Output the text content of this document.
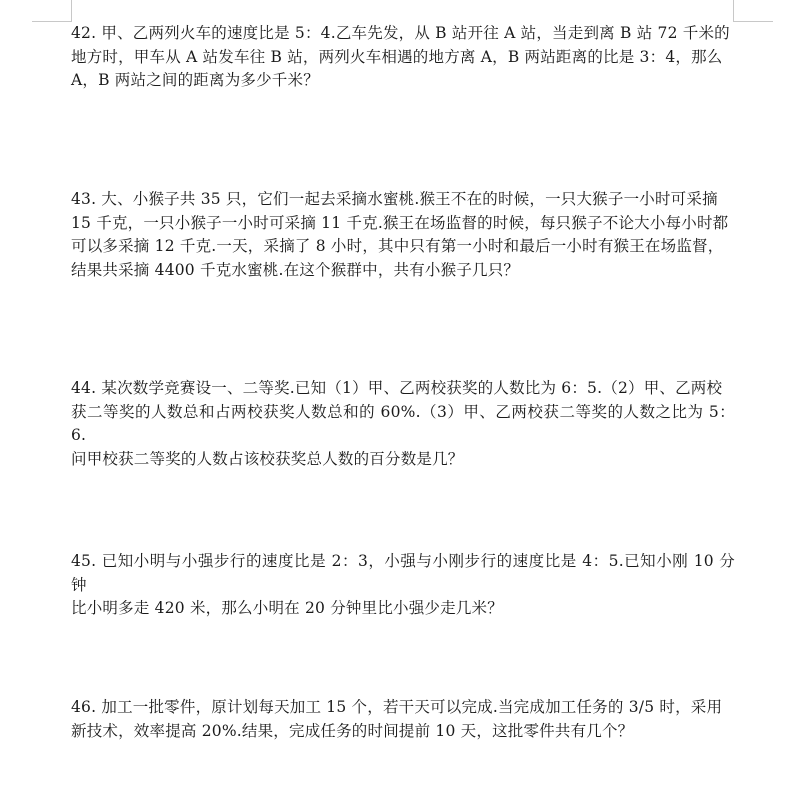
42. 甲、乙两列火车的速度比是 5：4.乙车先发，从 B 站开往 A 站，当走到离 B 站 72 千米的

地方时，甲车从 A 站发车往 B 站，两列火车相遇的地方离 A，B 两站距离的比是 3：4，那么

A，B 两站之间的距离为多少千米？

43. 大、小猴子共 35 只，它们一起去采摘水蜜桃.猴王不在的时候，一只大猴子一小时可采摘

15 千克，一只小猴子一小时可采摘 11 千克.猴王在场监督的时候，每只猴子不论大小每小时都

可以多采摘 12 千克.一天，采摘了 8 小时，其中只有第一小时和最后一小时有猴王在场监督，

结果共采摘 4400 千克水蜜桃.在这个猴群中，共有小猴子几只？

44. 某次数学竞赛设一、二等奖.已知（1）甲、乙两校获奖的人数比为 6：5.（2）甲、乙两校

获二等奖的人数总和占两校获奖人数总和的 60%.（3）甲、乙两校获二等奖的人数之比为 5：6.

问甲校获二等奖的人数占该校获奖总人数的百分数是几？

45. 已知小明与小强步行的速度比是 2：3，小强与小刚步行的速度比是 4：5.已知小刚 10 分钟

比小明多走 420 米，那么小明在 20 分钟里比小强少走几米？

46. 加工一批零件，原计划每天加工 15 个，若干天可以完成.当完成加工任务的 3/5 时，采用

新技术，效率提高 20%.结果，完成任务的时间提前 10 天，这批零件共有几个？
